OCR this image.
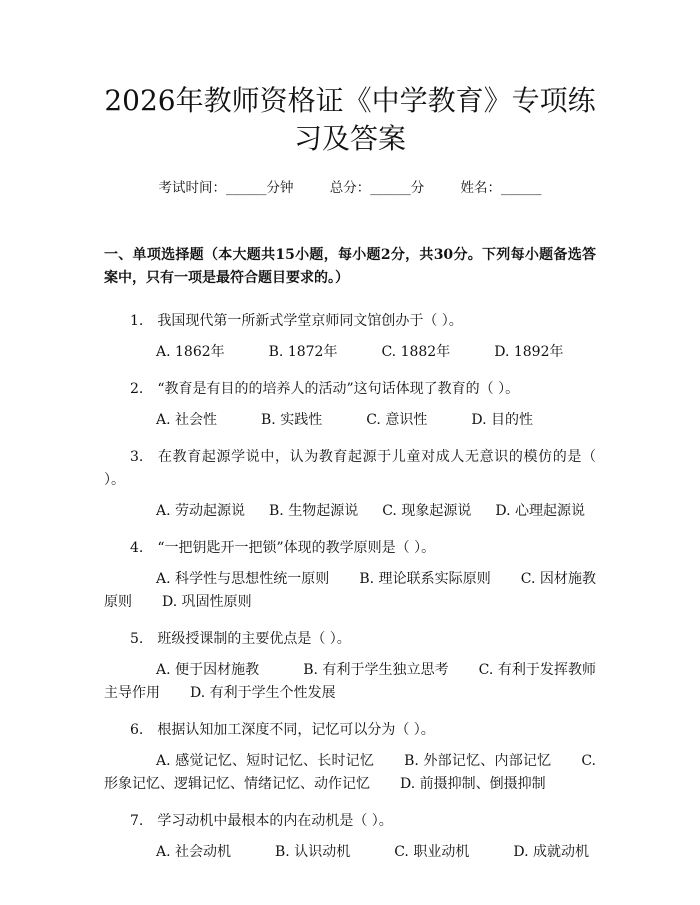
2026年教师资格证《中学教育》专项练习及答案
考试时间：______分钟	总分：______分	姓名：______
一、单项选择题（本大题共15小题，每小题2分，共30分。下列每小题备选答案中，只有一项是最符合题目要求的。）
1. 我国现代第一所新式学堂京师同文馆创办于（ ）。
A. 1862年	B. 1872年	C. 1882年	D. 1892年
2. “教育是有目的的培养人的活动”这句话体现了教育的（ ）。
A. 社会性	B. 实践性	C. 意识性	D. 目的性
3. 在教育起源学说中，认为教育起源于儿童对成人无意识的模仿的是（ ）。
A. 劳动起源说 B. 生物起源说 C. 现象起源说 D. 心理起源说
4. “一把钥匙开一把锁”体现的教学原则是（ ）。
A. 科学性与思想性统一原则 B. 理论联系实际原则 C. 因材施教原则 D. 巩固性原则
5. 班级授课制的主要优点是（ ）。
A. 便于因材施教	B. 有利于学生独立思考 C. 有利于发挥教师主导作用 D. 有利于学生个性发展
6. 根据认知加工深度不同，记忆可以分为（ ）。
A. 感觉记忆、短时记忆、长时记忆 B. 外部记忆、内部记忆 C.形象记忆、逻辑记忆、情绪记忆、动作记忆 D. 前摄抑制、倒摄抑制
7. 学习动机中最根本的内在动机是（ ）。
A. 社会动机	B. 认识动机	C. 职业动机	D. 成就动机
